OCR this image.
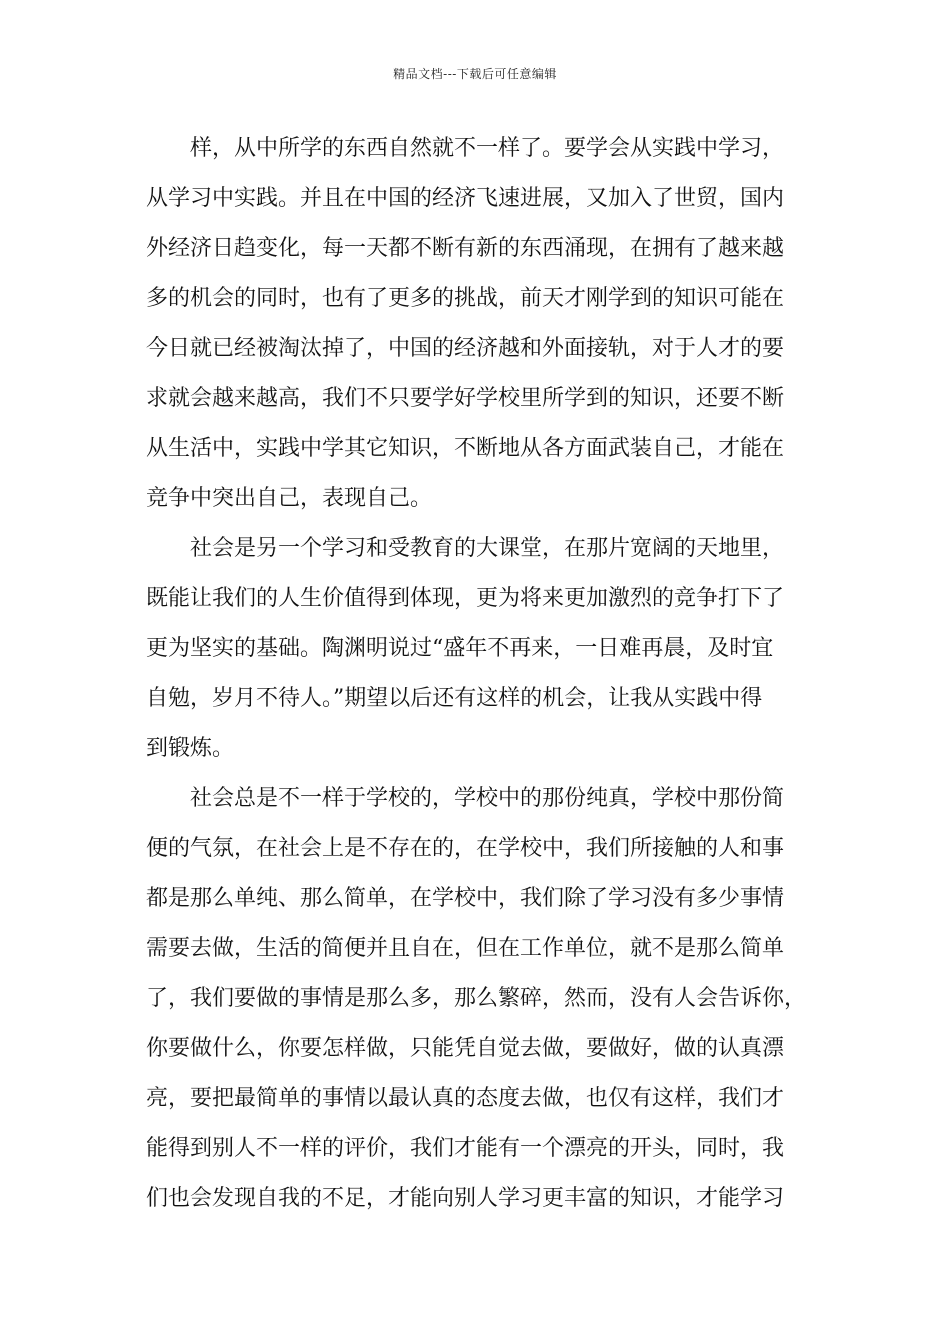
精品文档---下载后可任意编辑
样，从中所学的东西自然就不一样了。要学会从实践中学习，
从学习中实践。并且在中国的经济飞速进展，又加入了世贸，国内
外经济日趋变化，每一天都不断有新的东西涌现，在拥有了越来越
多的机会的同时，也有了更多的挑战，前天才刚学到的知识可能在
今日就已经被淘汰掉了，中国的经济越和外面接轨，对于人才的要
求就会越来越高，我们不只要学好学校里所学到的知识，还要不断
从生活中，实践中学其它知识，不断地从各方面武装自己，才能在
竞争中突出自己，表现自己。
社会是另一个学习和受教育的大课堂，在那片宽阔的天地里，
既能让我们的人生价值得到体现，更为将来更加激烈的竞争打下了
更为坚实的基础。陶渊明说过“盛年不再来，一日难再晨，及时宜
自勉，岁月不待人。”期望以后还有这样的机会，让我从实践中得
到锻炼。
社会总是不一样于学校的，学校中的那份纯真，学校中那份简
便的气氛，在社会上是不存在的，在学校中，我们所接触的人和事
都是那么单纯、那么简单，在学校中，我们除了学习没有多少事情
需要去做，生活的简便并且自在，但在工作单位，就不是那么简单
了，我们要做的事情是那么多，那么繁碎，然而，没有人会告诉你，
你要做什么，你要怎样做，只能凭自觉去做，要做好，做的认真漂
亮，要把最简单的事情以最认真的态度去做，也仅有这样，我们才
能得到别人不一样的评价，我们才能有一个漂亮的开头，同时，我
们也会发现自我的不足，才能向别人学习更丰富的知识，才能学习
